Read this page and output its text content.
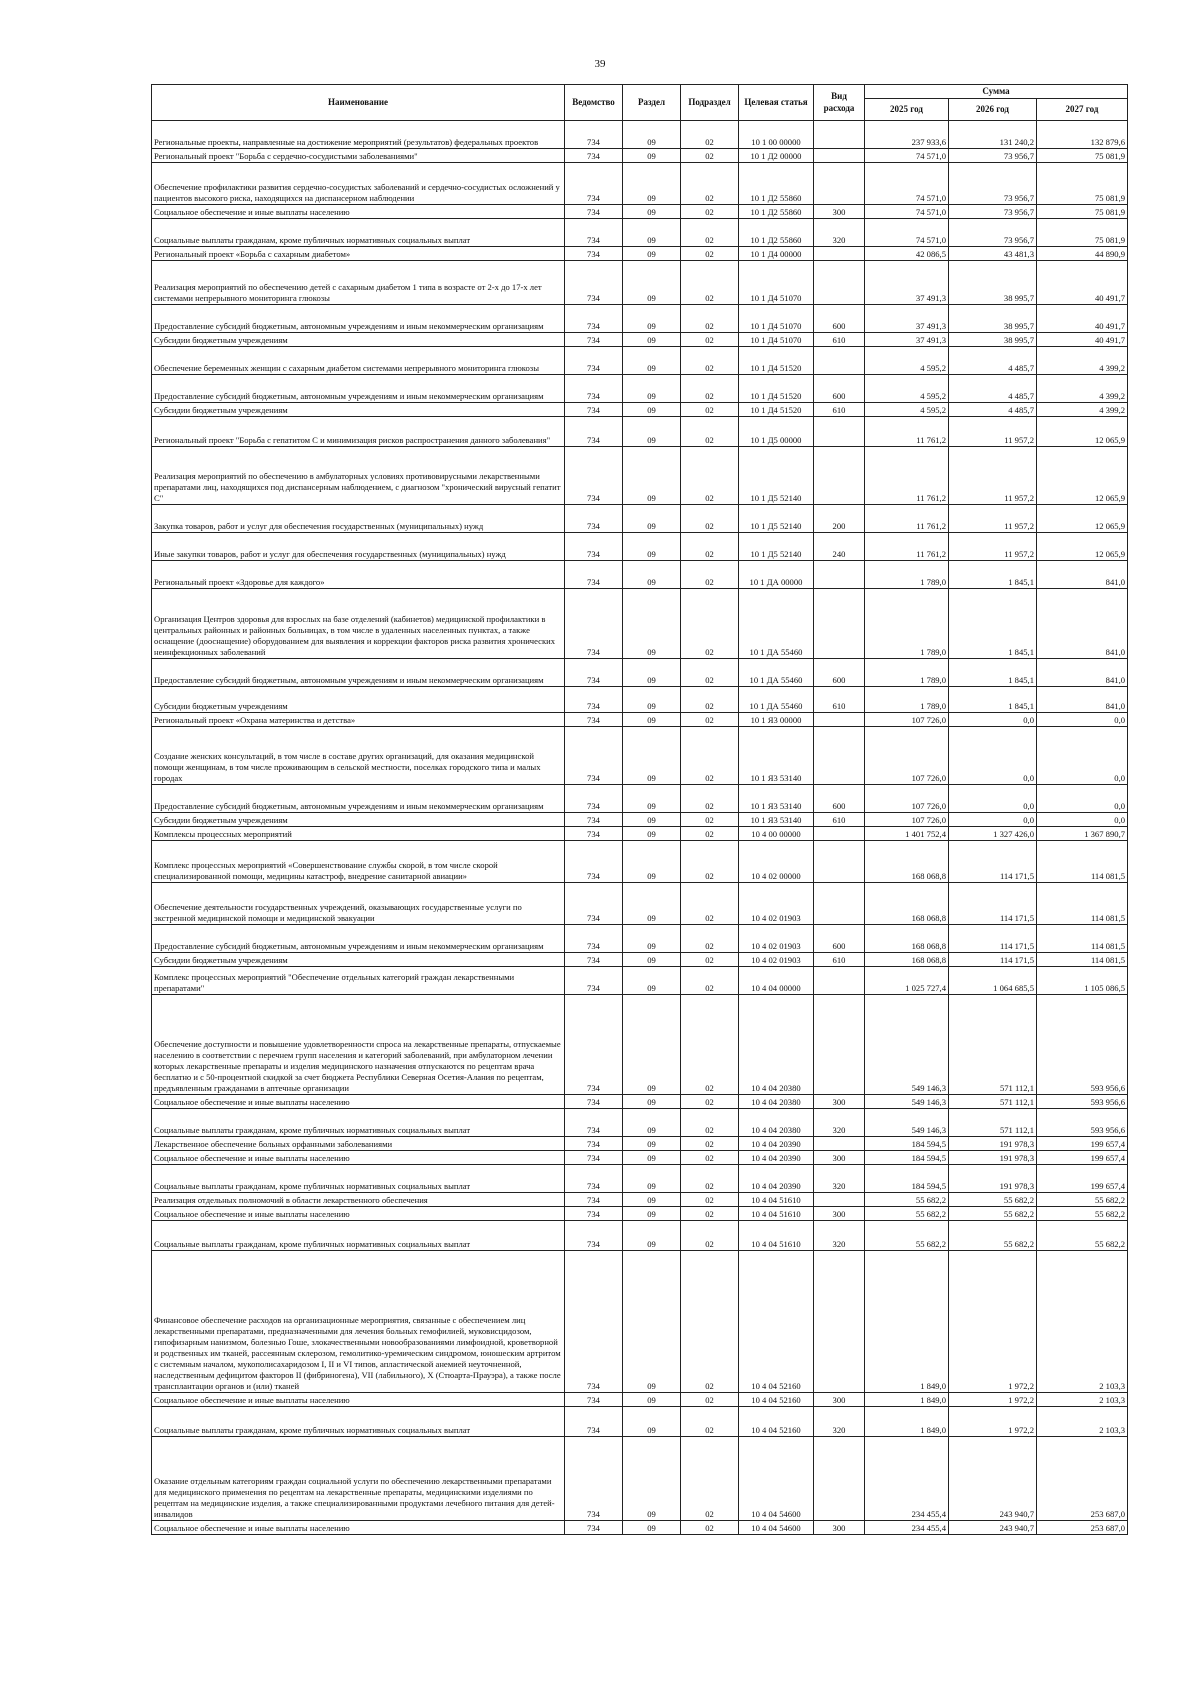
39
Наименование	Ведомство	Раздел	Подраздел	Целевая статья	Вид расхода	Сумма		
						2025 год	2026 год	2027 год
Региональные проекты, направленные на достижение мероприятий (результатов) федеральных проектов	734	09	02	10 1 00 00000		237 933,6	131 240,2	132 879,6
Региональный проект "Борьба с сердечно-сосудистыми заболеваниями"	734	09	02	10 1 Д2 00000		74 571,0	73 956,7	75 081,9
Обеспечение профилактики развития сердечно-сосудистых заболеваний и сердечно-сосудистых осложнений у пациентов высокого риска, находящихся на диспансерном наблюдении	734	09	02	10 1 Д2 55860		74 571,0	73 956,7	75 081,9
Социальное обеспечение и иные выплаты населению	734	09	02	10 1 Д2 55860	300	74 571,0	73 956,7	75 081,9
Социальные выплаты гражданам, кроме публичных нормативных социальных выплат	734	09	02	10 1 Д2 55860	320	74 571,0	73 956,7	75 081,9
Региональный проект «Борьба с сахарным диабетом»	734	09	02	10 1 Д4 00000		42 086,5	43 481,3	44 890,9
Реализация мероприятий по обеспечению детей с сахарным диабетом 1 типа в возрасте от 2-х до 17-х лет системами непрерывного мониторинга глюкозы	734	09	02	10 1 Д4 51070		37 491,3	38 995,7	40 491,7
Предоставление субсидий бюджетным, автономным учреждениям и иным некоммерческим организациям	734	09	02	10 1 Д4 51070	600	37 491,3	38 995,7	40 491,7
Субсидии бюджетным учреждениям	734	09	02	10 1 Д4 51070	610	37 491,3	38 995,7	40 491,7
Обеспечение беременных женщин с сахарным диабетом системами непрерывного мониторинга глюкозы	734	09	02	10 1 Д4 51520		4 595,2	4 485,7	4 399,2
Предоставление субсидий бюджетным, автономным учреждениям и иным некоммерческим организациям	734	09	02	10 1 Д4 51520	600	4 595,2	4 485,7	4 399,2
Субсидии бюджетным учреждениям	734	09	02	10 1 Д4 51520	610	4 595,2	4 485,7	4 399,2
Региональный проект "Борьба с гепатитом С и минимизация рисков распространения данного заболевания"	734	09	02	10 1 Д5 00000		11 761,2	11 957,2	12 065,9
Реализация мероприятий по обеспечению в амбулаторных условиях противовирусными лекарственными препаратами лиц, находящихся под диспансерным наблюдением, с диагнозом "хронический вирусный гепатит С"	734	09	02	10 1 Д5 52140		11 761,2	11 957,2	12 065,9
Закупка товаров, работ и услуг для обеспечения государственных (муниципальных) нужд	734	09	02	10 1 Д5 52140	200	11 761,2	11 957,2	12 065,9
Иные закупки товаров, работ и услуг для обеспечения государственных (муниципальных) нужд	734	09	02	10 1 Д5 52140	240	11 761,2	11 957,2	12 065,9
Региональный проект «Здоровье для каждого»	734	09	02	10 1 ДА 00000		1 789,0	1 845,1	841,0
Организация Центров здоровья для взрослых на базе отделений (кабинетов) медицинской профилактики в центральных районных и районных больницах, в том числе в удаленных населенных пунктах, а также оснащение (дооснащение) оборудованием для выявления и коррекции факторов риска развития хронических неинфекционных заболеваний	734	09	02	10 1 ДА 55460		1 789,0	1 845,1	841,0
Предоставление субсидий бюджетным, автономным учреждениям и иным некоммерческим организациям	734	09	02	10 1 ДА 55460	600	1 789,0	1 845,1	841,0
Субсидии бюджетным учреждениям	734	09	02	10 1 ДА 55460	610	1 789,0	1 845,1	841,0
Региональный проект «Охрана материнства и детства»	734	09	02	10 1 Я3 00000		107 726,0	0,0	0,0
Создание женских консультаций, в том числе в составе других организаций, для оказания медицинской помощи женщинам, в том числе проживающим в сельской местности, поселках городского типа и малых городах	734	09	02	10 1 Я3 53140		107 726,0	0,0	0,0
Предоставление субсидий бюджетным, автономным учреждениям и иным некоммерческим организациям	734	09	02	10 1 Я3 53140	600	107 726,0	0,0	0,0
Субсидии бюджетным учреждениям	734	09	02	10 1 Я3 53140	610	107 726,0	0,0	0,0
Комплексы процессных мероприятий	734	09	02	10 4 00 00000		1 401 752,4	1 327 426,0	1 367 890,7
Комплекс процессных мероприятий «Совершенствование службы скорой, в том числе скорой специализированной помощи, медицины катастроф, внедрение санитарной авиации»	734	09	02	10 4 02 00000		168 068,8	114 171,5	114 081,5
Обеспечение деятельности государственных учреждений, оказывающих государственные услуги по экстренной медицинской помощи и медицинской эвакуации	734	09	02	10 4 02 01903		168 068,8	114 171,5	114 081,5
Предоставление субсидий бюджетным, автономным учреждениям и иным некоммерческим организациям	734	09	02	10 4 02 01903	600	168 068,8	114 171,5	114 081,5
Субсидии бюджетным учреждениям	734	09	02	10 4 02 01903	610	168 068,8	114 171,5	114 081,5
Комплекс процессных мероприятий "Обеспечение отдельных категорий граждан лекарственными препаратами"	734	09	02	10 4 04 00000		1 025 727,4	1 064 685,5	1 105 086,5
Обеспечение доступности и повышение удовлетворенности спроса на лекарственные препараты, отпускаемые населению в соответствии с перечнем групп населения и категорий заболеваний, при амбулаторном лечении которых лекарственные препараты и изделия медицинского назначения отпускаются по рецептам врача бесплатно и с 50-процентной скидкой за счет бюджета Республики Северная Осетия-Алания по рецептам, предъявленным гражданами в аптечные организации	734	09	02	10 4 04 20380		549 146,3	571 112,1	593 956,6
Социальное обеспечение и иные выплаты населению	734	09	02	10 4 04 20380	300	549 146,3	571 112,1	593 956,6
Социальные выплаты гражданам, кроме публичных нормативных социальных выплат	734	09	02	10 4 04 20380	320	549 146,3	571 112,1	593 956,6
Лекарственное обеспечение больных орфанными заболеваниями	734	09	02	10 4 04 20390		184 594,5	191 978,3	199 657,4
Социальное обеспечение и иные выплаты населению	734	09	02	10 4 04 20390	300	184 594,5	191 978,3	199 657,4
Социальные выплаты гражданам, кроме публичных нормативных социальных выплат	734	09	02	10 4 04 20390	320	184 594,5	191 978,3	199 657,4
Реализация отдельных полномочий в области лекарственного обеспечения	734	09	02	10 4 04 51610		55 682,2	55 682,2	55 682,2
Социальное обеспечение и иные выплаты населению	734	09	02	10 4 04 51610	300	55 682,2	55 682,2	55 682,2
Социальные выплаты гражданам, кроме публичных нормативных социальных выплат	734	09	02	10 4 04 51610	320	55 682,2	55 682,2	55 682,2
Финансовое обеспечение расходов на организационные мероприятия, связанные с обеспечением лиц лекарственными препаратами, предназначенными для лечения больных гемофилией, муковисцидозом, гипофизарным нанизмом, болезнью Гоше, злокачественными новообразованиями лимфоидной, кроветворной и родственных им тканей, рассеянным склерозом, гемолитико-уремическим синдромом, юношеским артритом с системным началом, мукополисахаридозом I, II и VI типов, апластической анемией неуточненной, наследственным дефицитом факторов II (фибриногена), VII (лабильного), X (Стюарта-Прауэра), а также после трансплантации органов и (или) тканей	734	09	02	10 4 04 52160		1 849,0	1 972,2	2 103,3
Социальное обеспечение и иные выплаты населению	734	09	02	10 4 04 52160	300	1 849,0	1 972,2	2 103,3
Социальные выплаты гражданам, кроме публичных нормативных социальных выплат	734	09	02	10 4 04 52160	320	1 849,0	1 972,2	2 103,3
Оказание отдельным категориям граждан социальной услуги по обеспечению лекарственными препаратами для медицинского применения по рецептам на лекарственные препараты, медицинскими изделиями по рецептам на медицинские изделия, а также специализированными продуктами лечебного питания для детей-инвалидов	734	09	02	10 4 04 54600		234 455,4	243 940,7	253 687,0
Социальное обеспечение и иные выплаты населению	734	09	02	10 4 04 54600	300	234 455,4	243 940,7	253 687,0
